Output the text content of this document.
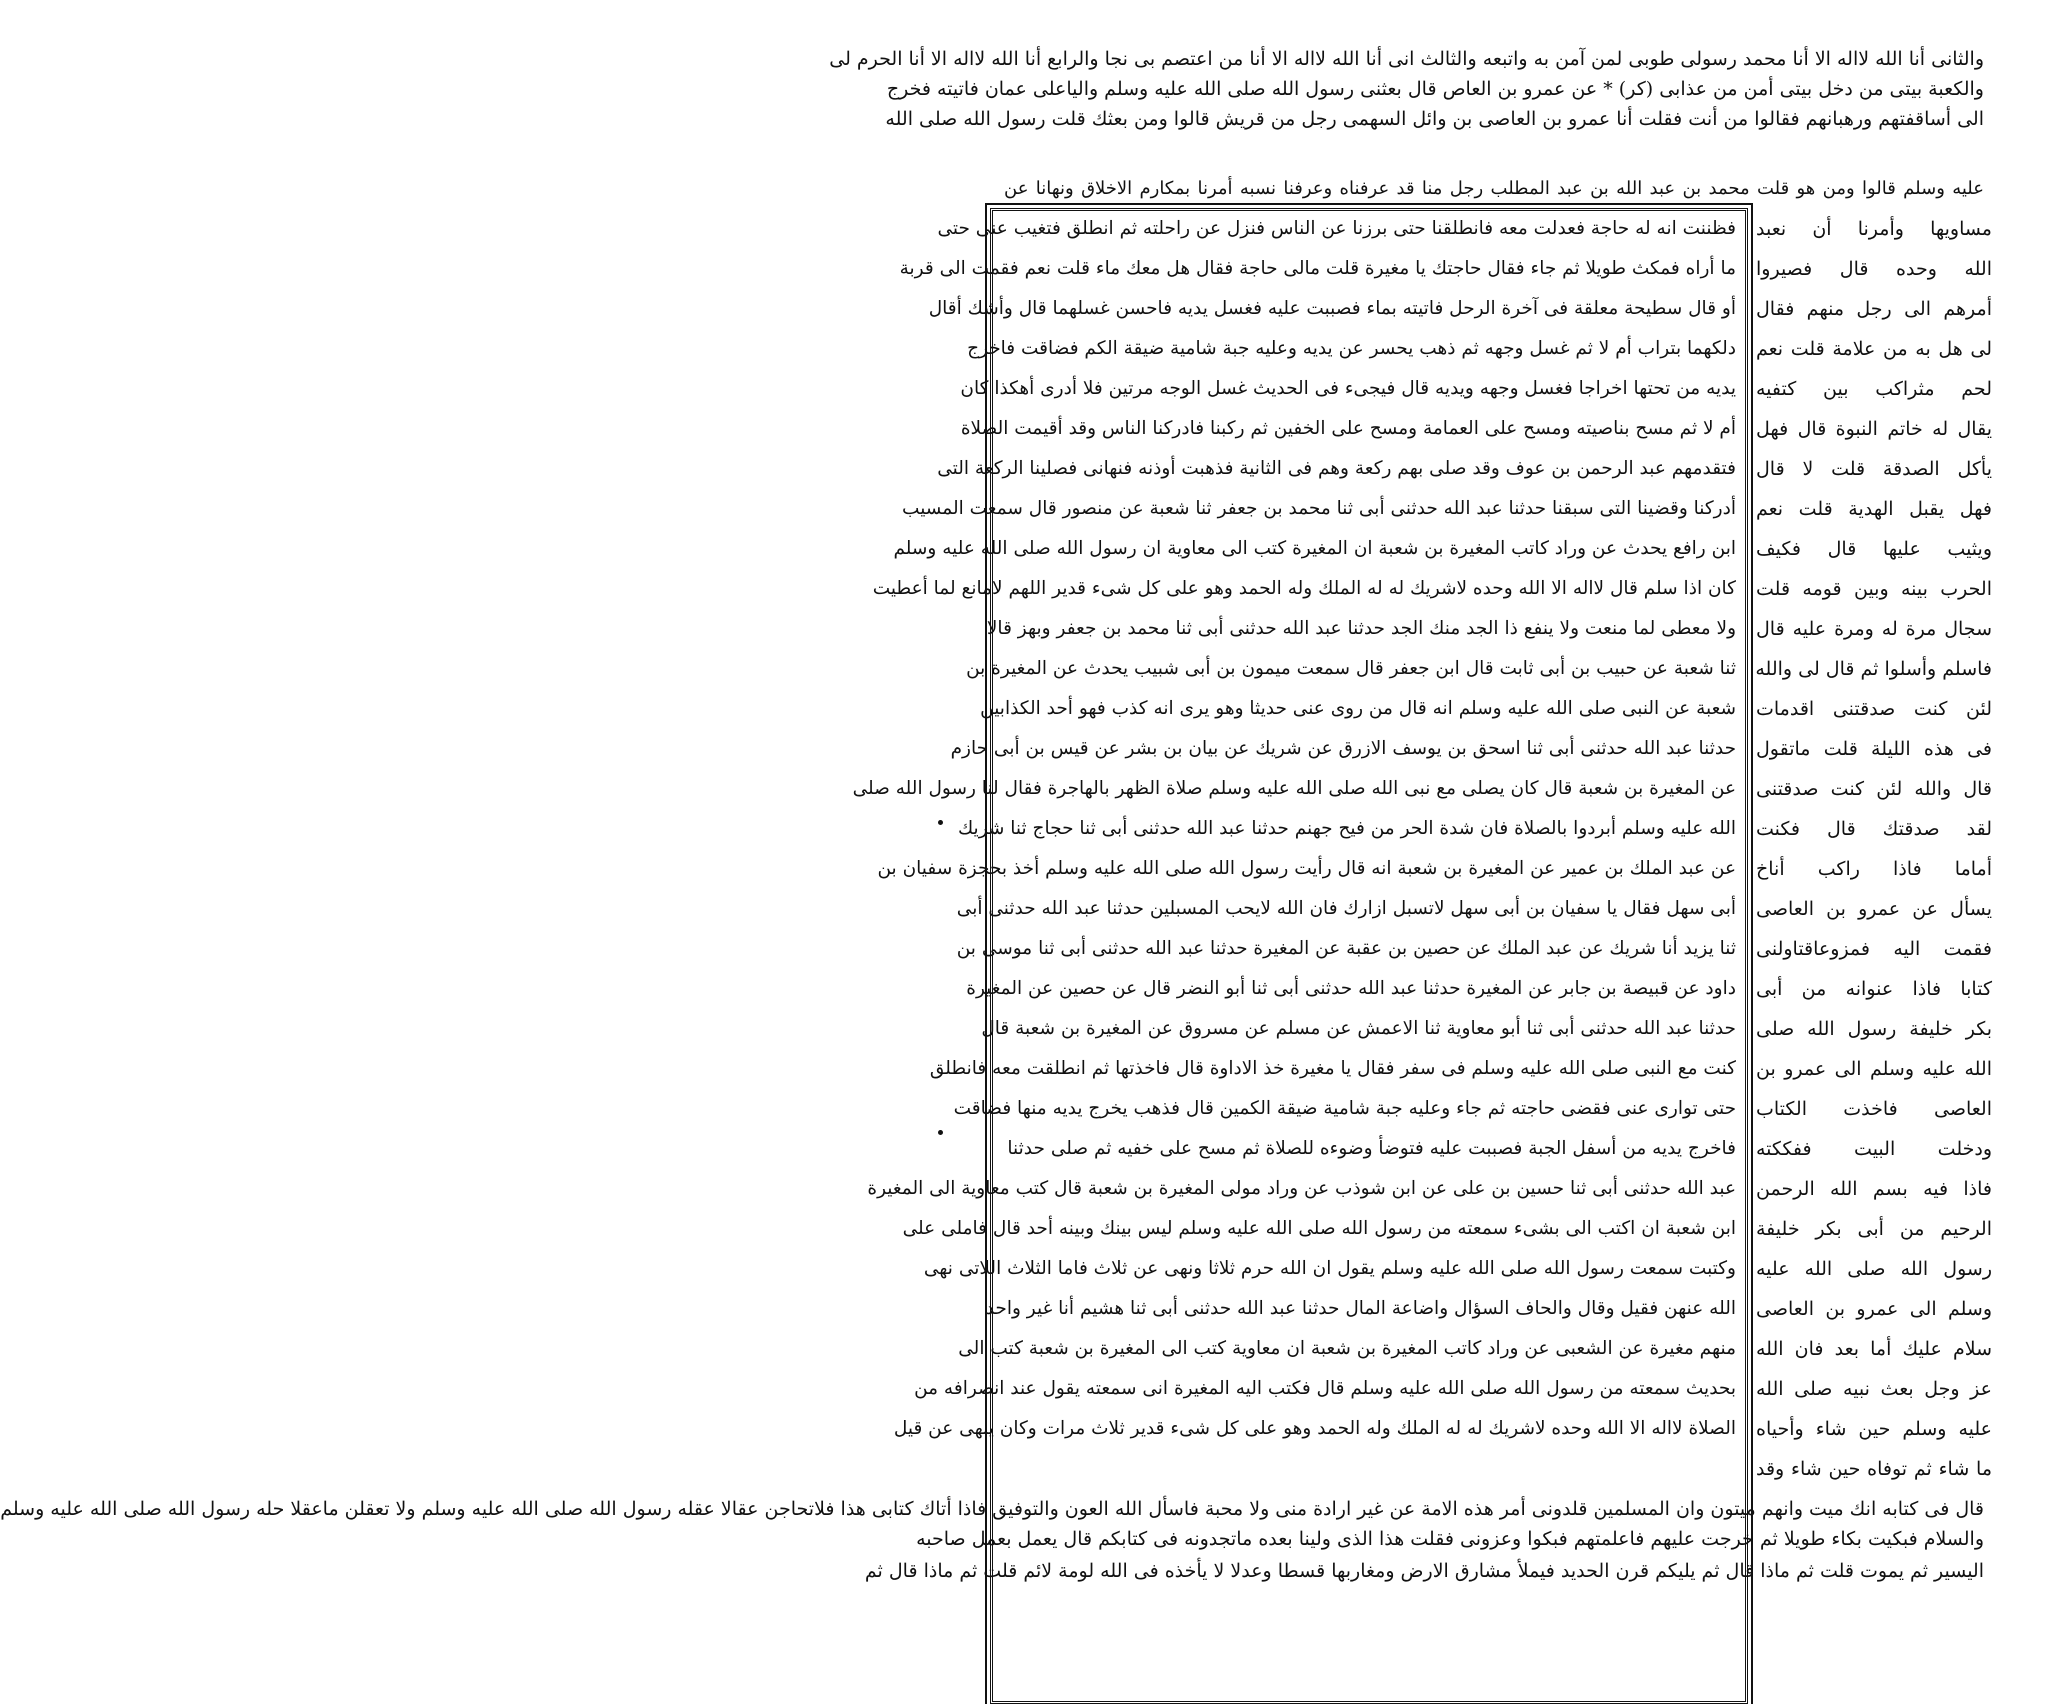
والثانى أنا الله لااله الا أنا محمد رسولى طوبى لمن آمن به واتبعه والثالث انى أنا الله لااله الا أنا من اعتصم بى نجا والرابع أنا الله لااله الا أنا الحرم لى
والكعبة بيتى من دخل بيتى أمن من عذابى (كر) * عن عمرو بن العاص قال بعثنى رسول الله صلى الله عليه وسلم والياعلى عمان فاتيته فخرج
الى أساقفتهم ورهبانهم فقالوا من أنت فقلت أنا عمرو بن العاصى بن وائل السهمى رجل من قريش قالوا ومن بعثك قلت رسول الله صلى الله
عليه وسلم قالوا ومن هو قلت محمد بن عبد الله بن عبد المطلب رجل منا قد عرفناه وعرفنا نسبه أمرنا بمكارم الاخلاق ونهانا عن
فظننت انه له حاجة فعدلت معه فانطلقنا حتى برزنا عن الناس فنزل عن راحلته ثم انطلق فتغيب عنى حتى
ما أراه فمكث طويلا ثم جاء فقال حاجتك يا مغيرة قلت مالى حاجة فقال هل معك ماء قلت نعم فقمت الى قربة
أو قال سطيحة معلقة فى آخرة الرحل فاتيته بماء فصببت عليه فغسل يديه فاحسن غسلهما قال وأشك أقال
دلكهما بتراب أم لا ثم غسل وجهه ثم ذهب يحسر عن يديه وعليه جبة شامية ضيقة الكم فضاقت فاخرج
يديه من تحتها اخراجا فغسل وجهه ويديه قال فيجىء فى الحديث غسل الوجه مرتين فلا أدرى أهكذا كان
أم لا ثم مسح بناصيته ومسح على العمامة ومسح على الخفين ثم ركبنا فادركنا الناس وقد أقيمت الصلاة
فتقدمهم عبد الرحمن بن عوف وقد صلى بهم ركعة وهم فى الثانية فذهبت أوذنه فنهانى فصلينا الركعة التى
أدركنا وقضينا التى سبقنا حدثنا عبد الله حدثنى أبى ثنا محمد بن جعفر ثنا شعبة عن منصور قال سمعت المسيب
ابن رافع يحدث عن وراد كاتب المغيرة بن شعبة ان المغيرة كتب الى معاوية ان رسول الله صلى الله عليه وسلم
كان اذا سلم قال لااله الا الله وحده لاشريك له له الملك وله الحمد وهو على كل شىء قدير اللهم لامانع لما أعطيت
ولا معطى لما منعت ولا ينفع ذا الجد منك الجد حدثنا عبد الله حدثنى أبى ثنا محمد بن جعفر وبهز قالا
ثنا شعبة عن حبيب بن أبى ثابت قال ابن جعفر قال سمعت ميمون بن أبى شبيب يحدث عن المغيرة بن
شعبة عن النبى صلى الله عليه وسلم انه قال من روى عنى حديثا وهو يرى انه كذب فهو أحد الكذابين
حدثنا عبد الله حدثنى أبى ثنا اسحق بن يوسف الازرق عن شريك عن بيان بن بشر عن قيس بن أبى حازم
عن المغيرة بن شعبة قال كان يصلى مع نبى الله صلى الله عليه وسلم صلاة الظهر بالهاجرة فقال لنا رسول الله صلى
الله عليه وسلم أبردوا بالصلاة فان شدة الحر من فيح جهنم حدثنا عبد الله حدثنى أبى ثنا حجاج ثنا شريك
عن عبد الملك بن عمير عن المغيرة بن شعبة انه قال رأيت رسول الله صلى الله عليه وسلم أخذ بحجزة سفيان بن
أبى سهل فقال يا سفيان بن أبى سهل لاتسبل ازارك فان الله لايحب المسبلين حدثنا عبد الله حدثنى أبى
ثنا يزيد أنا شريك عن عبد الملك عن حصين بن عقبة عن المغيرة حدثنا عبد الله حدثنى أبى ثنا موسى بن
داود عن قبيصة بن جابر عن المغيرة حدثنا عبد الله حدثنى أبى ثنا أبو النضر قال عن حصين عن المغيرة
حدثنا عبد الله حدثنى أبى ثنا أبو معاوية ثنا الاعمش عن مسلم عن مسروق عن المغيرة بن شعبة قال
كنت مع النبى صلى الله عليه وسلم فى سفر فقال يا مغيرة خذ الاداوة قال فاخذتها ثم انطلقت معه فانطلق
حتى توارى عنى فقضى حاجته ثم جاء وعليه جبة شامية ضيقة الكمين قال فذهب يخرج يديه منها فضاقت
فاخرج يديه من أسفل الجبة فصببت عليه فتوضأ وضوءه للصلاة ثم مسح على خفيه ثم صلى حدثنا
عبد الله حدثنى أبى ثنا حسين بن على عن ابن شوذب عن وراد مولى المغيرة بن شعبة قال كتب معاوية الى المغيرة
ابن شعبة ان اكتب الى بشىء سمعته من رسول الله صلى الله عليه وسلم ليس بينك وبينه أحد قال فاملى على
وكتبت سمعت رسول الله صلى الله عليه وسلم يقول ان الله حرم ثلاثا ونهى عن ثلاث فاما الثلاث اللاتى نهى
الله عنهن فقيل وقال والحاف السؤال واضاعة المال حدثنا عبد الله حدثنى أبى ثنا هشيم أنا غير واحد
منهم مغيرة عن الشعبى عن وراد كاتب المغيرة بن شعبة ان معاوية كتب الى المغيرة بن شعبة كتب الى
بحديث سمعته من رسول الله صلى الله عليه وسلم قال فكتب اليه المغيرة انى سمعته يقول عند انصرافه من
الصلاة لااله الا الله وحده لاشريك له له الملك وله الحمد وهو على كل شىء قدير ثلاث مرات وكان ينهى عن قيل
مساويها وأمرنا أن نعبد
الله وحده قال فصيروا
أمرهم الى رجل منهم فقال
لى هل به من علامة قلت نعم
لحم مثراكب بين كتفيه
يقال له خاتم النبوة قال فهل
يأكل الصدقة قلت لا قال
فهل يقبل الهدية قلت نعم
ويثيب عليها قال فكيف
الحرب بينه وبين قومه قلت
سجال مرة له ومرة عليه قال
فاسلم وأسلوا ثم قال لى والله
لئن كنت صدقتنى اقدمات
فى هذه الليلة قلت ماتقول
قال والله لئن كنت صدقتنى
لقد صدقتك قال فكنت
أماما فاذا راكب أناخ
يسأل عن عمرو بن العاصى
فقمت اليه فمزوعاقتاولنى
كتابا فاذا عنوانه من أبى
بكر خليفة رسول الله صلى
الله عليه وسلم الى عمرو بن
العاصى فاخذت الكتاب
ودخلت البيت ففككته
فاذا فيه بسم الله الرحمن
الرحيم من أبى بكر خليفة
رسول الله صلى الله عليه
وسلم الى عمرو بن العاصى
سلام عليك أما بعد فان الله
عز وجل بعث نبيه صلى الله
عليه وسلم حين شاء وأحياه
ما شاء ثم توفاه حين شاء وقد
قال فى كتابه انك ميت وانهم ميتون وان المسلمين قلدونى أمر هذه الامة عن غير ارادة منى ولا محبة فاسأل الله العون والتوفيق فاذا أتاك كتابى هذا فلاتحاجن عقالا عقله رسول الله صلى الله عليه وسلم ولا تعقلن ماعقلا حله رسول الله صلى الله عليه وسلم
والسلام فبكيت بكاء طويلا ثم خرجت عليهم فاعلمتهم فبكوا وعزونى فقلت هذا الذى ولينا بعده ماتجدونه فى كتابكم قال يعمل بعمل صاحبه
اليسير ثم يموت قلت ثم ماذا قال ثم يليكم قرن الحديد فيملأ مشارق الارض ومغاربها قسطا وعدلا لا يأخذه فى الله لومة لائم قلت ثم ماذا قال ثم
